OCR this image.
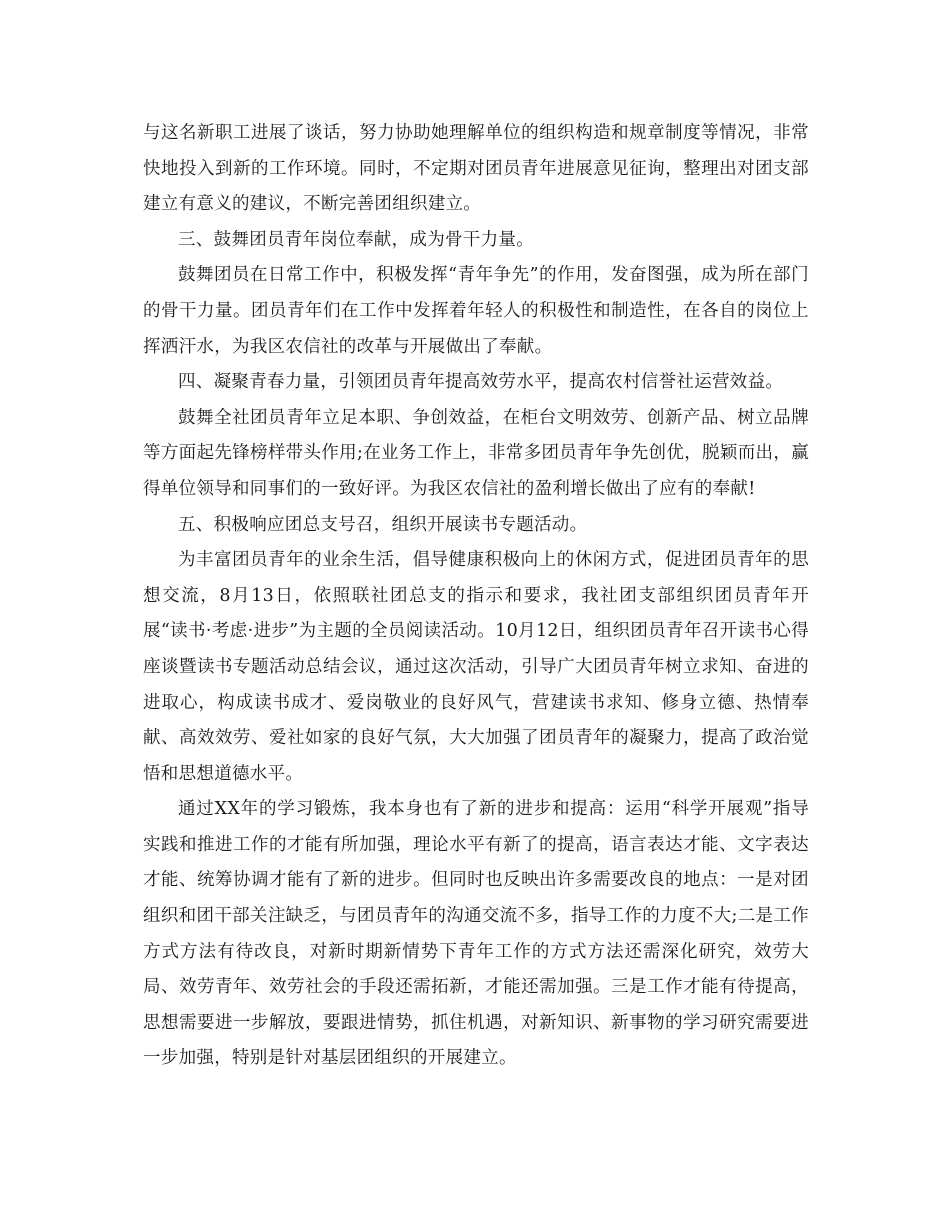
与这名新职工进展了谈话，努力协助她理解单位的组织构造和规章制度等情况，非常快地投入到新的工作环境。同时，不定期对团员青年进展意见征询，整理出对团支部建立有意义的建议，不断完善团组织建立。

三、鼓舞团员青年岗位奉献，成为骨干力量。

鼓舞团员在日常工作中，积极发挥“青年争先”的作用，发奋图强，成为所在部门的骨干力量。团员青年们在工作中发挥着年轻人的积极性和制造性，在各自的岗位上挥洒汗水，为我区农信社的改革与开展做出了奉献。

四、凝聚青春力量，引领团员青年提高效劳水平，提高农村信誉社运营效益。

鼓舞全社团员青年立足本职、争创效益，在柜台文明效劳、创新产品、树立品牌等方面起先锋榜样带头作用;在业务工作上，非常多团员青年争先创优，脱颖而出，赢得单位领导和同事们的一致好评。为我区农信社的盈利增长做出了应有的奉献!

五、积极响应团总支号召，组织开展读书专题活动。

为丰富团员青年的业余生活，倡导健康积极向上的休闲方式，促进团员青年的思想交流，8月13日，依照联社团总支的指示和要求，我社团支部组织团员青年开展“读书·考虑·进步”为主题的全员阅读活动。10月12日，组织团员青年召开读书心得座谈暨读书专题活动总结会议，通过这次活动，引导广大团员青年树立求知、奋进的进取心，构成读书成才、爱岗敬业的良好风气，营建读书求知、修身立德、热情奉献、高效效劳、爱社如家的良好气氛，大大加强了团员青年的凝聚力，提高了政治觉悟和思想道德水平。

通过XX年的学习锻炼，我本身也有了新的进步和提高：运用“科学开展观”指导实践和推进工作的才能有所加强，理论水平有新了的提高，语言表达才能、文字表达才能、统筹协调才能有了新的进步。但同时也反映出许多需要改良的地点：一是对团组织和团干部关注缺乏，与团员青年的沟通交流不多，指导工作的力度不大;二是工作方式方法有待改良，对新时期新情势下青年工作的方式方法还需深化研究，效劳大局、效劳青年、效劳社会的手段还需拓新，才能还需加强。三是工作才能有待提高，思想需要进一步解放，要跟进情势，抓住机遇，对新知识、新事物的学习研究需要进一步加强，特别是针对基层团组织的开展建立。
